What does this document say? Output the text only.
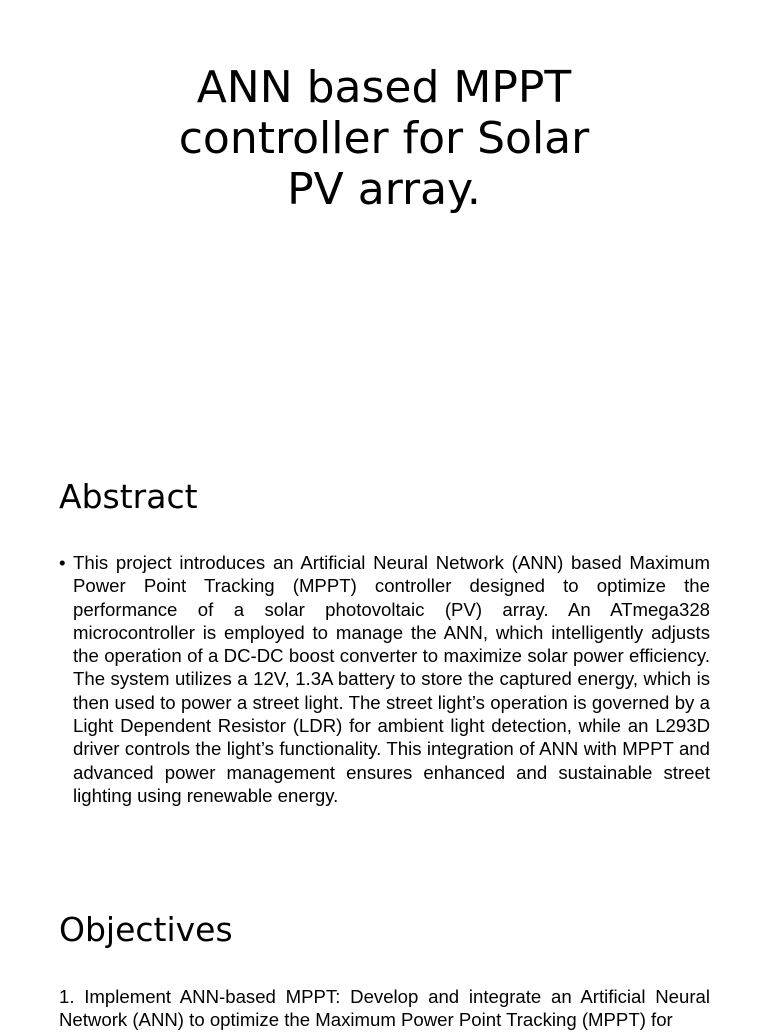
ANN based MPPT
controller for Solar
PV array.
Abstract
• This project introduces an Artificial Neural Network (ANN) based Maximum Power Point Tracking (MPPT) controller designed to optimize the performance of a solar photovoltaic (PV) array. An ATmega328 microcontroller is employed to manage the ANN, which intelligently adjusts the operation of a DC-DC boost converter to maximize solar power efficiency. The system utilizes a 12V, 1.3A battery to store the captured energy, which is then used to power a street light. The street light’s operation is governed by a Light Dependent Resistor (LDR) for ambient light detection, while an L293D driver controls the light’s functionality. This integration of ANN with MPPT and advanced power management ensures enhanced and sustainable street lighting using renewable energy.
Objectives

1. Implement ANN-based MPPT: Develop and integrate an Artificial Neural Network (ANN) to optimize the Maximum Power Point Tracking (MPPT) for
